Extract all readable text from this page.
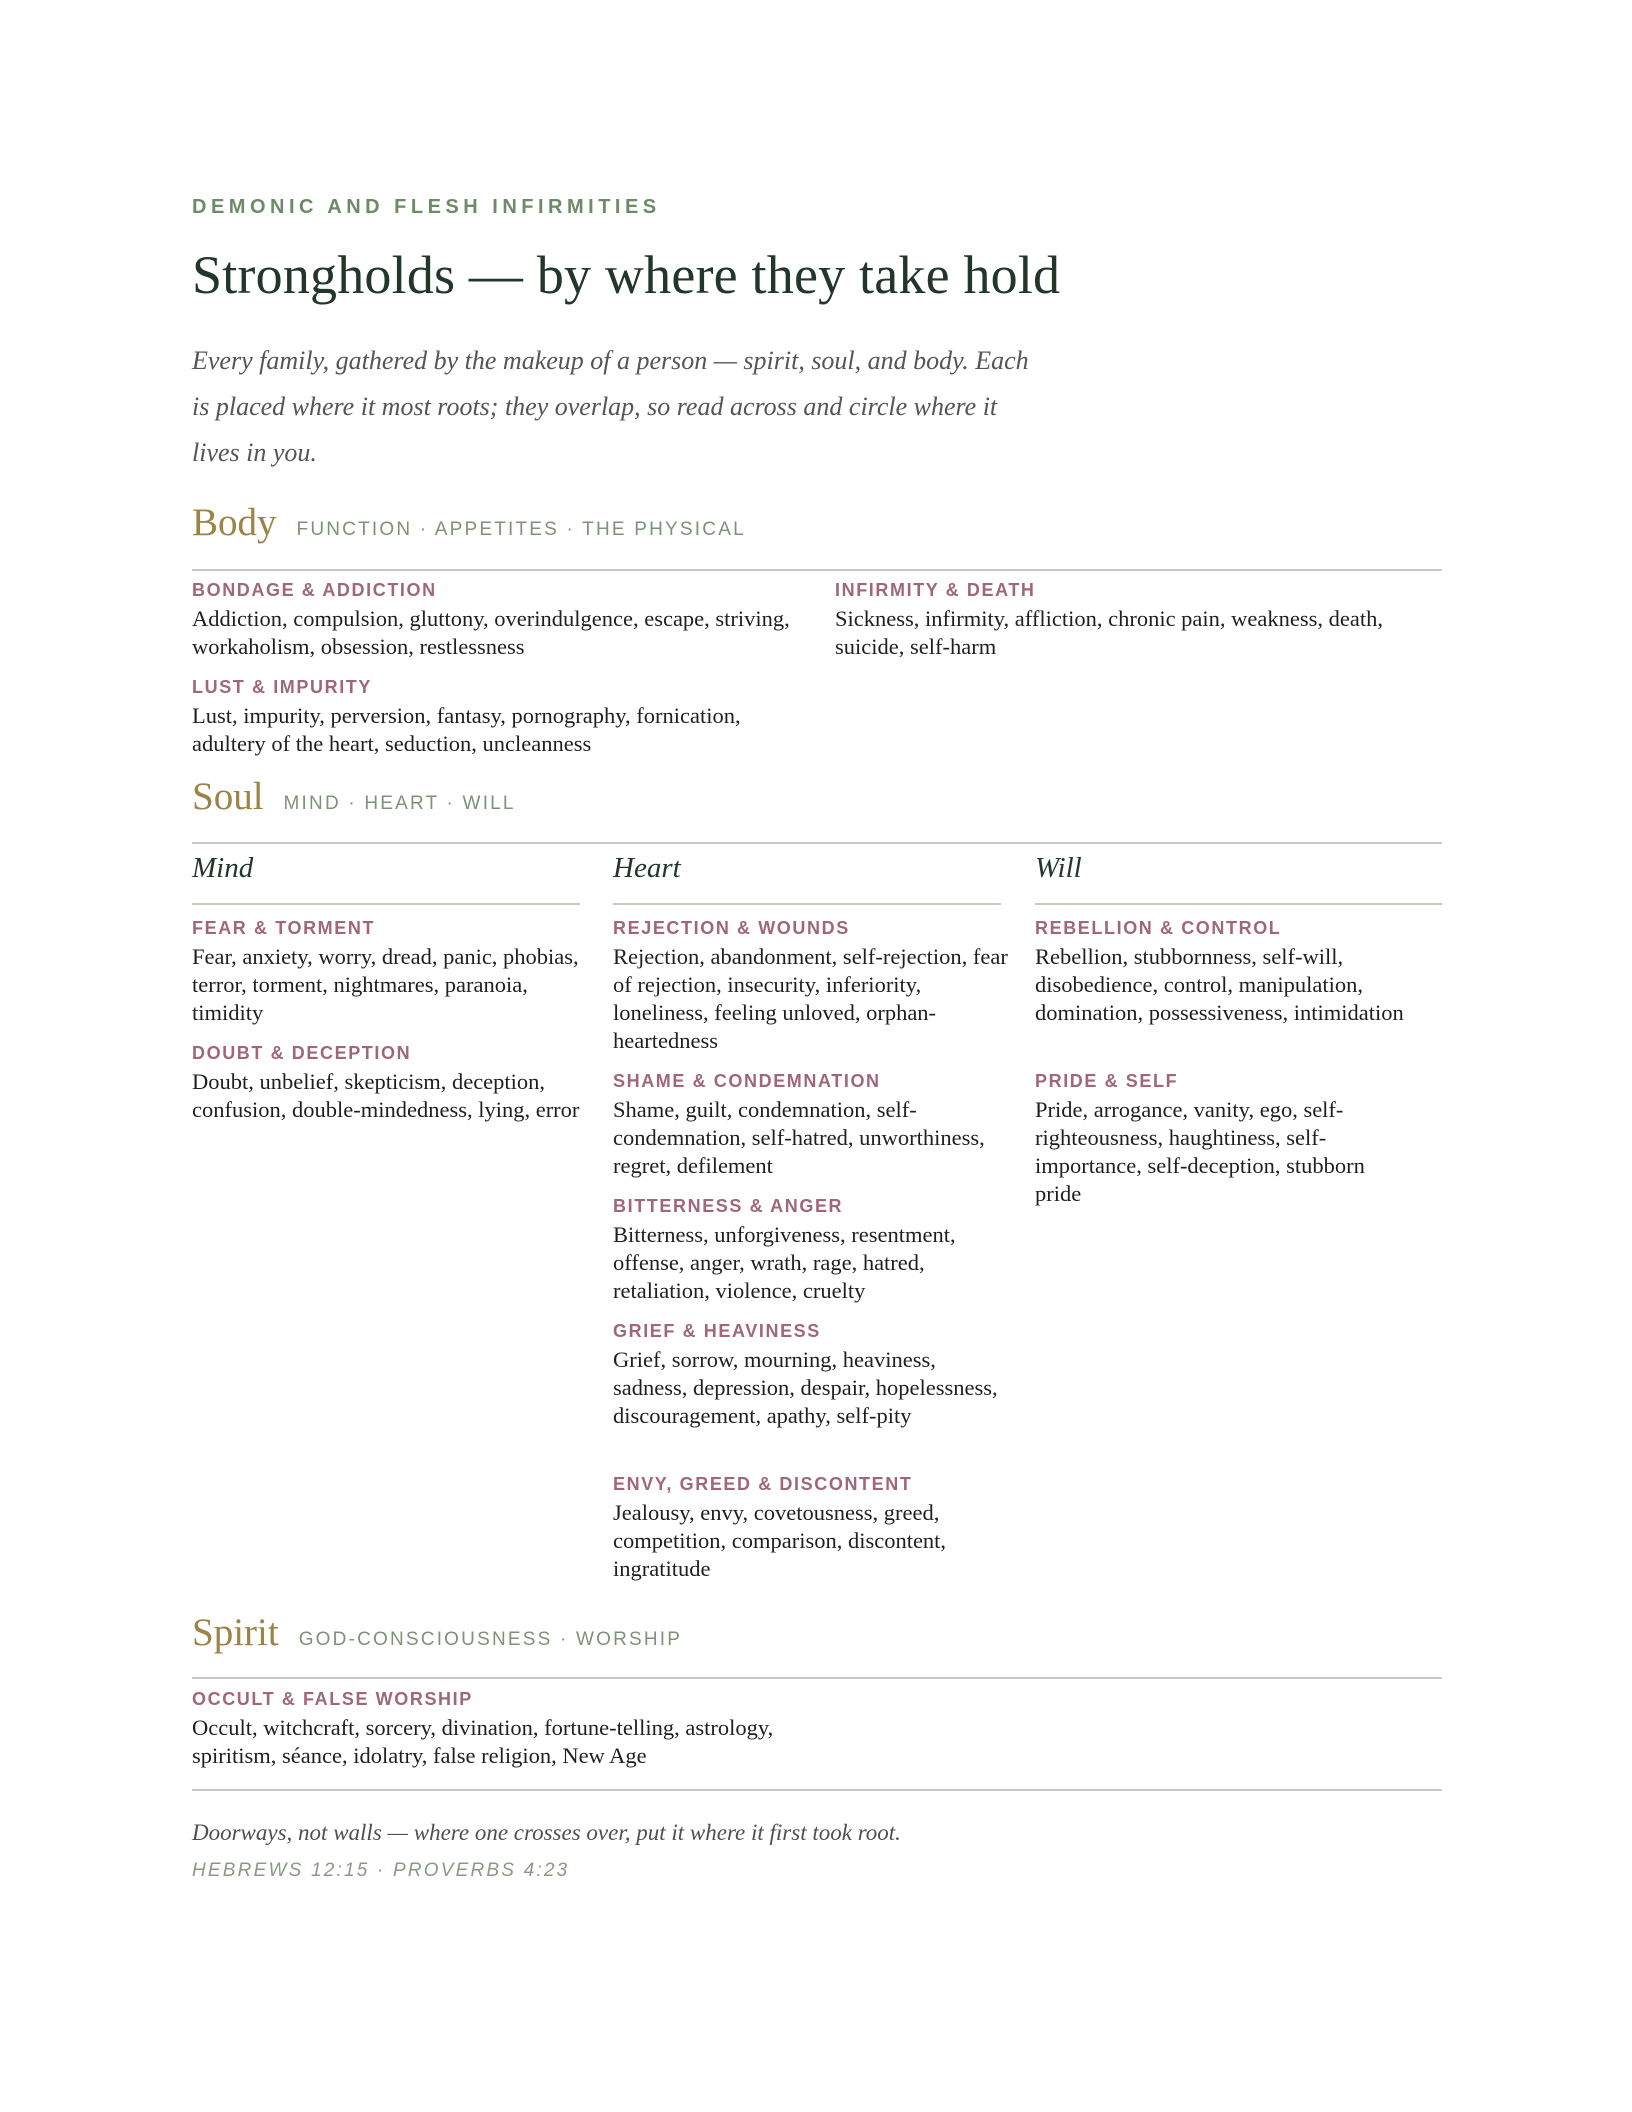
DEMONIC AND FLESH INFIRMITIES
Strongholds — by where they take hold

Every family, gathered by the makeup of a person — spirit, soul, and body. Each is placed where it most roots; they overlap, so read across and circle where it lives in you.

Body FUNCTION · APPETITES · THE PHYSICAL
BONDAGE & ADDICTION

Addiction, compulsion, gluttony, overindulgence, escape, striving, workaholism, obsession, restlessness

INFIRMITY & DEATH

Sickness, infirmity, affliction, chronic pain, weakness, death, suicide, self-harm

LUST & IMPURITY

Lust, impurity, perversion, fantasy, pornography, fornication, adultery of the heart, seduction, uncleanness

Soul MIND · HEART · WILL
Mind
FEAR & TORMENT

Fear, anxiety, worry, dread, panic, phobias, terror, torment, nightmares, paranoia, timidity

DOUBT & DECEPTION

Doubt, unbelief, skepticism, deception, confusion, double-mindedness, lying, error

Heart
REJECTION & WOUNDS

Rejection, abandonment, self-rejection, fear of rejection, insecurity, inferiority, loneliness, feeling unloved, orphan-heartedness

SHAME & CONDEMNATION

Shame, guilt, condemnation, self-condemnation, self-hatred, unworthiness, regret, defilement

BITTERNESS & ANGER

Bitterness, unforgiveness, resentment, offense, anger, wrath, rage, hatred, retaliation, violence, cruelty

GRIEF & HEAVINESS

Grief, sorrow, mourning, heaviness, sadness, depression, despair, hopelessness, discouragement, apathy, self-pity

ENVY, GREED & DISCONTENT

Jealousy, envy, covetousness, greed, competition, comparison, discontent, ingratitude

Will
REBELLION & CONTROL

Rebellion, stubbornness, self-will, disobedience, control, manipulation, domination, possessiveness, intimidation

PRIDE & SELF

Pride, arrogance, vanity, ego, self-righteousness, haughtiness, self-importance, self-deception, stubborn pride

Spirit GOD-CONSCIOUSNESS · WORSHIP
OCCULT & FALSE WORSHIP

Occult, witchcraft, sorcery, divination, fortune-telling, astrology, spiritism, séance, idolatry, false religion, New Age

Doorways, not walls — where one crosses over, put it where it first took root.

HEBREWS 12:15 · PROVERBS 4:23
